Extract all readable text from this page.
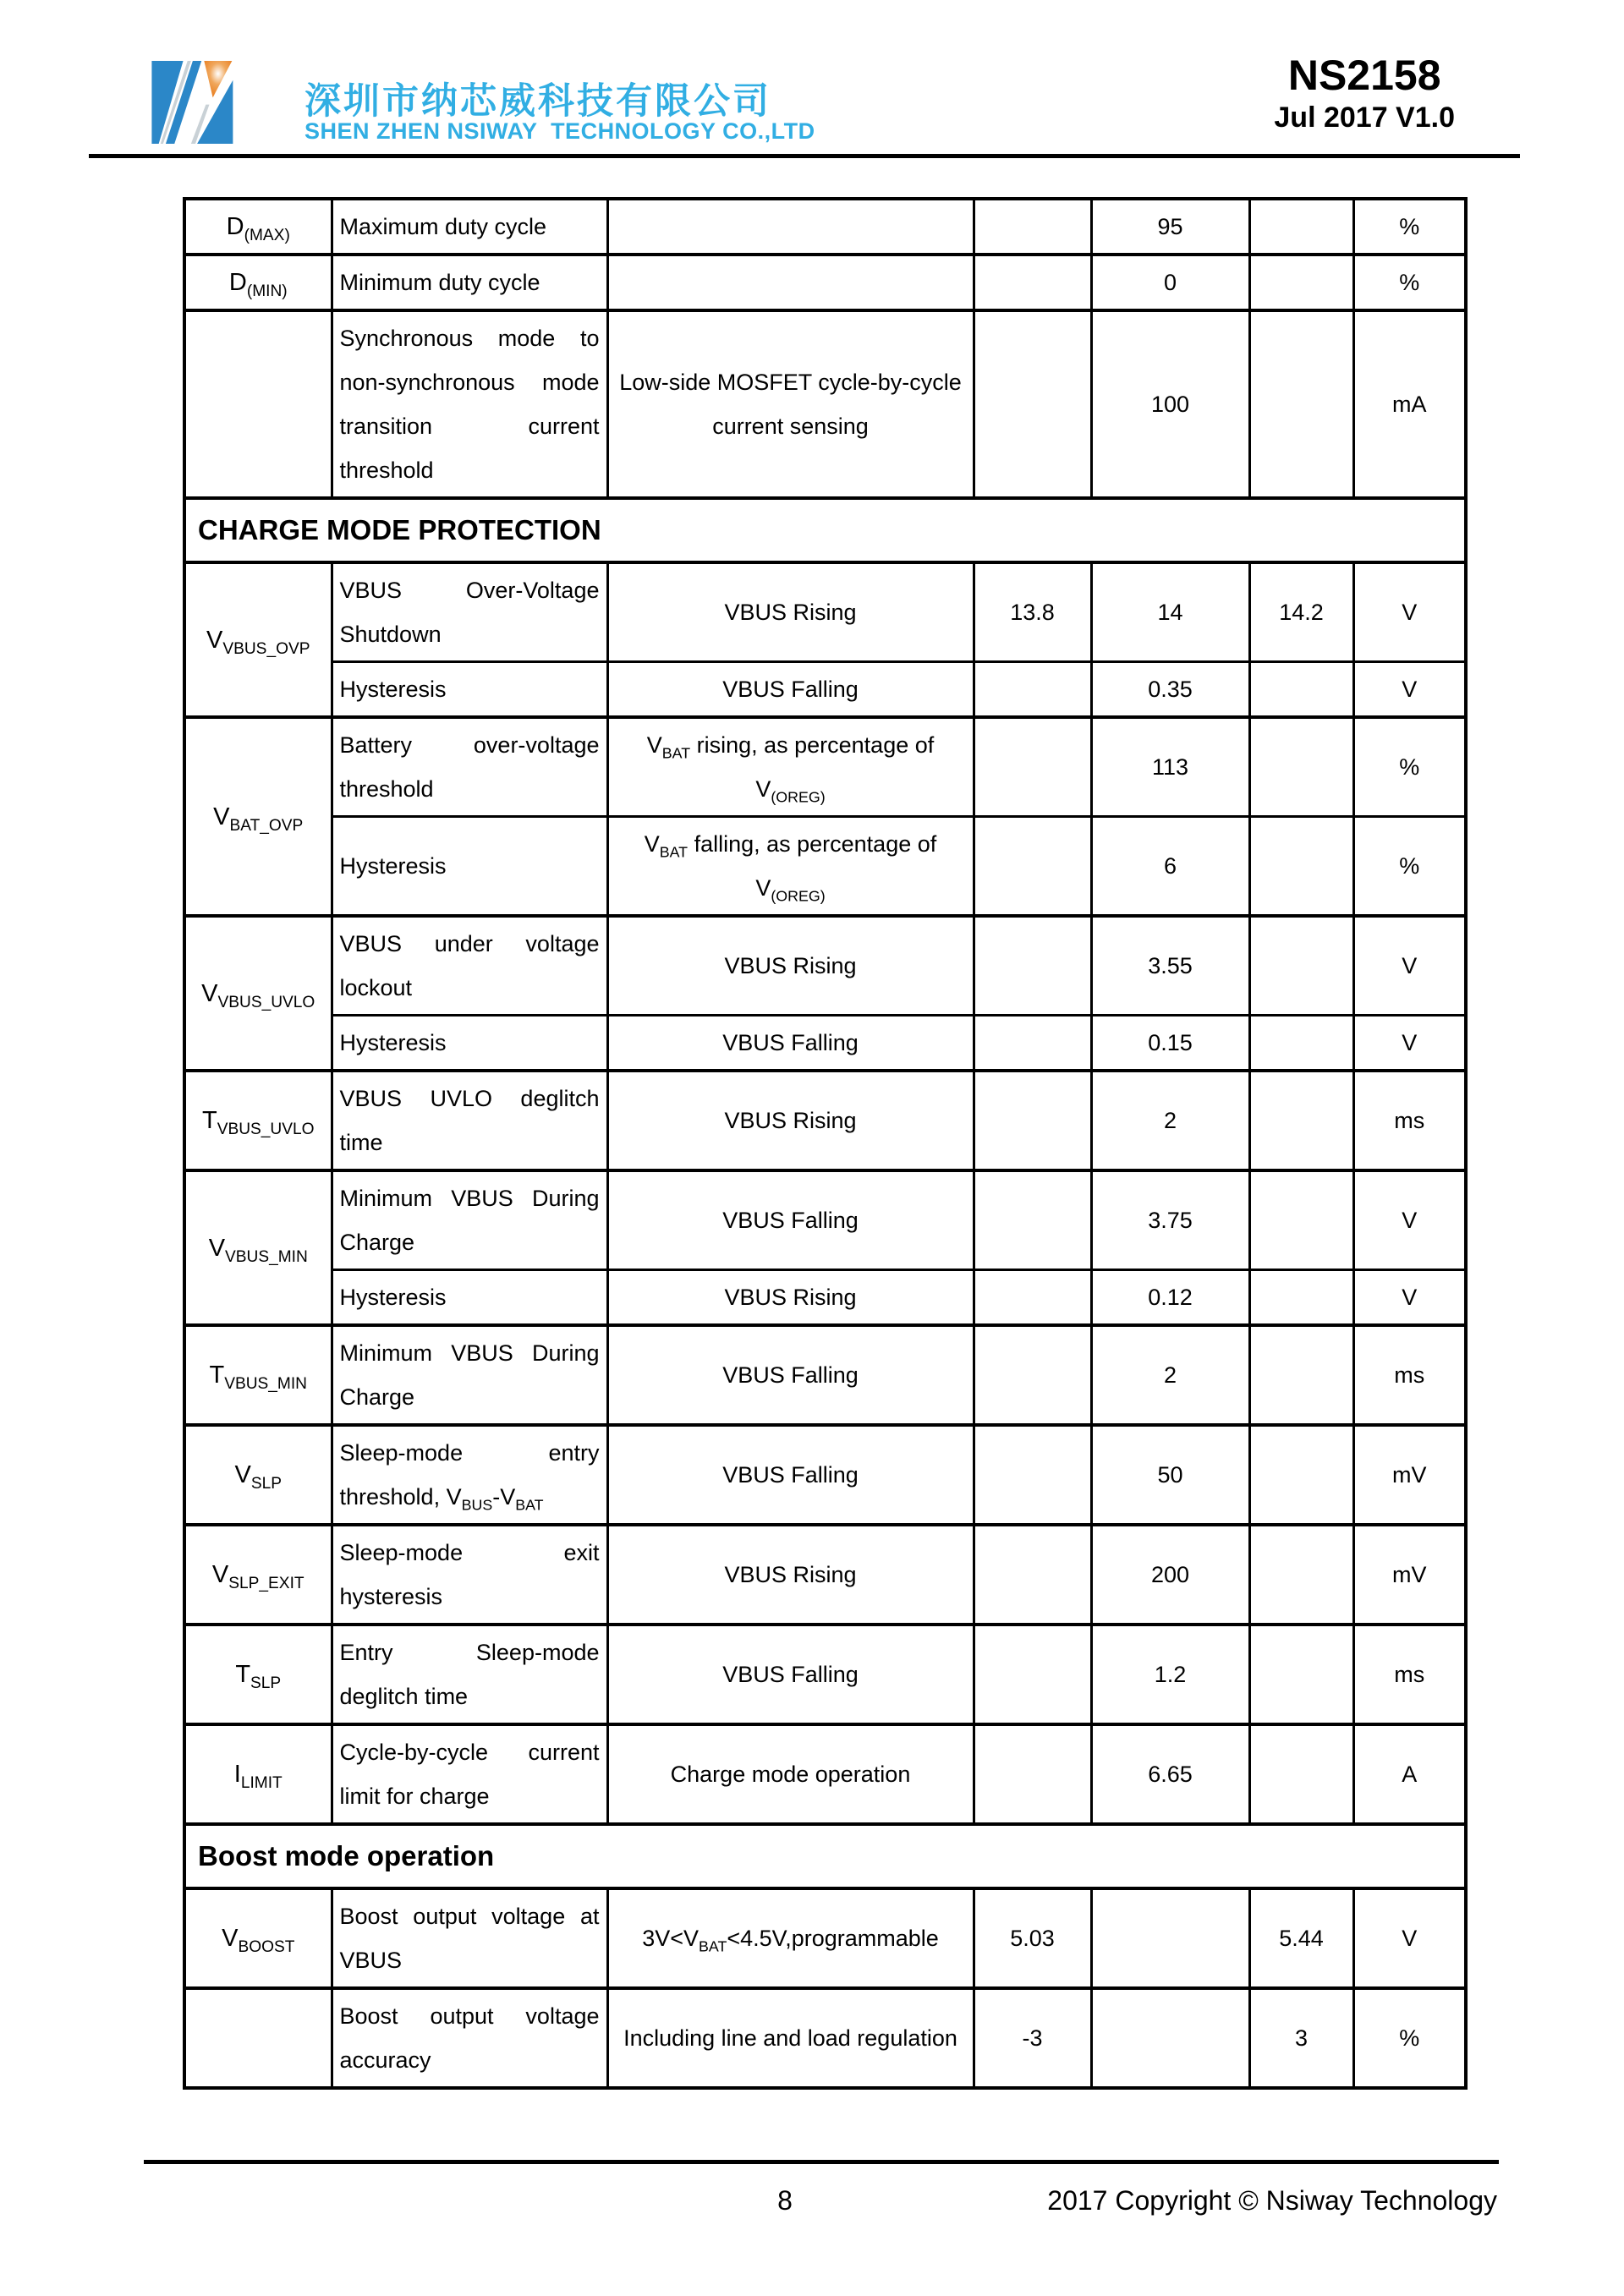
深圳市纳芯威科技有限公司
SHEN ZHEN NSIWAY  TECHNOLOGY CO.,LTD
NS2158
Jul 2017 V1.0
$D_{(MAX)}$	Maximum duty cycle			95		%
$D_{(MIN)}$	Minimum duty cycle			0		%
	Synchronous mode to non-synchronous mode transition current threshold	Low-side MOSFET cycle-by-cycle current sensing		100		mA
CHARGE MODE PROTECTION						
$V_{VBUS\_OVP}$	VBUS Over-Voltage Shutdown	VBUS Rising	13.8	14	14.2	V
	Hysteresis	VBUS Falling		0.35		V
$V_{BAT\_OVP}$	Battery over-voltage threshold	$V_{BAT}$ rising, as percentage of $V_{(OREG)}$		113		%
	Hysteresis	$V_{BAT}$ falling, as percentage of $V_{(OREG)}$		6		%
$V_{VBUS\_UVLO}$	VBUS under voltage lockout	VBUS Rising		3.55		V
	Hysteresis	VBUS Falling		0.15		V
$T_{VBUS\_UVLO}$	VBUS UVLO deglitch time	VBUS Rising		2		ms
$V_{VBUS\_MIN}$	Minimum VBUS During Charge	VBUS Falling		3.75		V
	Hysteresis	VBUS Rising		0.12		V
$T_{VBUS\_MIN}$	Minimum VBUS During Charge	VBUS Falling		2		ms
$V_{SLP}$	Sleep-mode entry threshold, $V_{BUS}-V_{BAT}$	VBUS Falling		50		mV
$V_{SLP\_EXIT}$	Sleep-mode exit hysteresis	VBUS Rising		200		mV
$T_{SLP}$	Entry Sleep-mode deglitch time	VBUS Falling		1.2		ms
$I_{LIMIT}$	Cycle-by-cycle current limit for charge	Charge mode operation		6.65		A
Boost mode operation						
$V_{BOOST}$	Boost output voltage at VBUS	$3V<V_{BAT}<4.5V,programmable$	5.03		5.44	V
	Boost output voltage accuracy	Including line and load regulation	-3		3	%
8	2017 Copyright © Nsiway Technology
